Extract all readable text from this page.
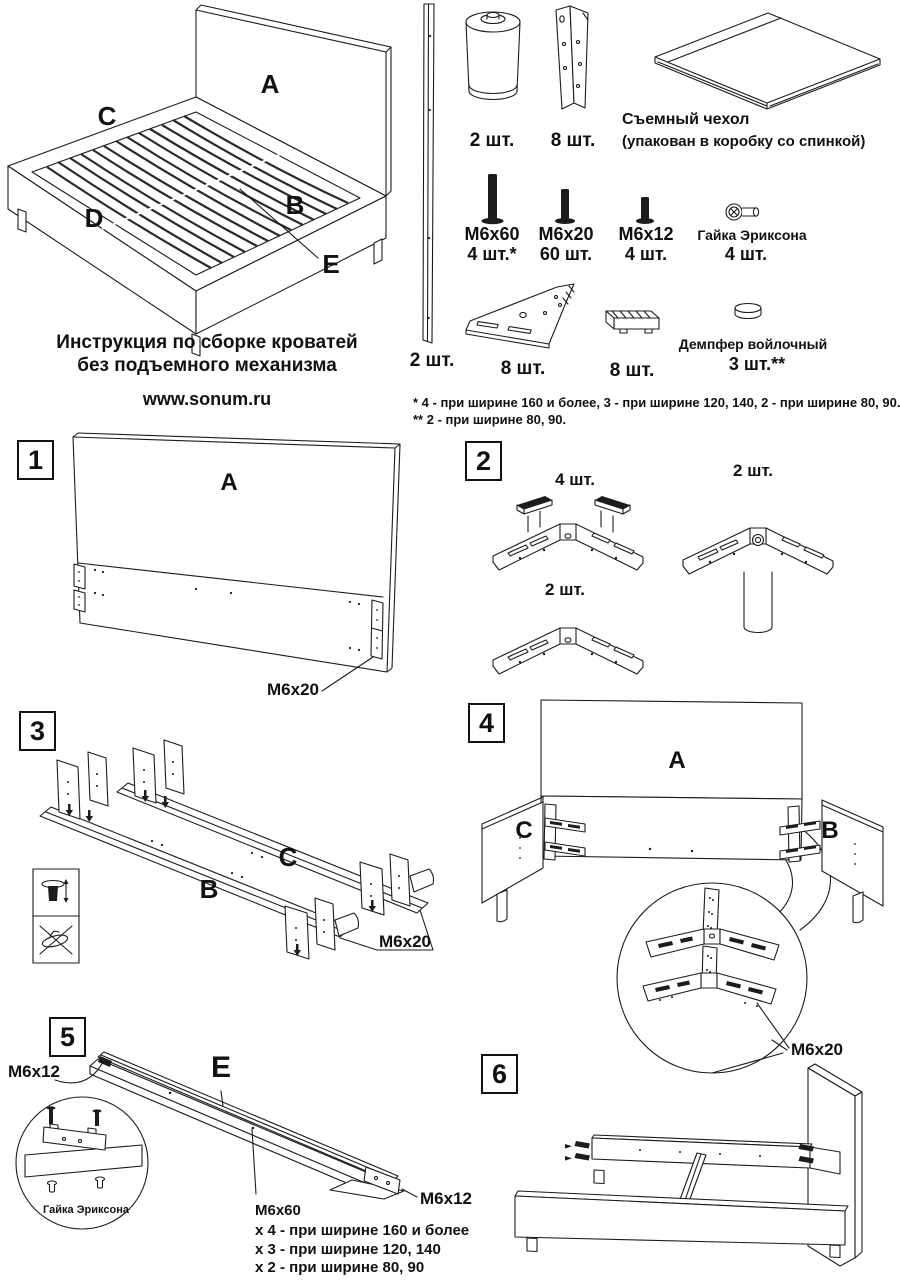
Инструкция по сборке кроватей
без подъемного механизма
www.sonum.ru
A
C
D	B
E
2 шт.
2 шт. 8 шт.
Съемный чехол
(упакован в коробку со спинкой)
M6x60
4 шт.*
M6x20
60 шт.
M6x12
4 шт.
Гайка Эриксона
4 шт.
8 шт.	8 шт.
Демпфер войлочный
3 шт.**
* 4 - при ширине 160 и более, 3 - при ширине 120, 140, 2 - при ширине 80, 90.
** 2 - при ширине 80, 90.
1	2
3	4
5
6
A
M6x20
4 шт.	2 шт.
2 шт.
B
C
M6x20
A
C	B
M6x20
M6x12	E
Гайка Эриксона	M6x60
x 4 - при ширине 160 и более
x 3 - при ширине 120, 140
x 2 - при ширине 80, 90
M6x12
